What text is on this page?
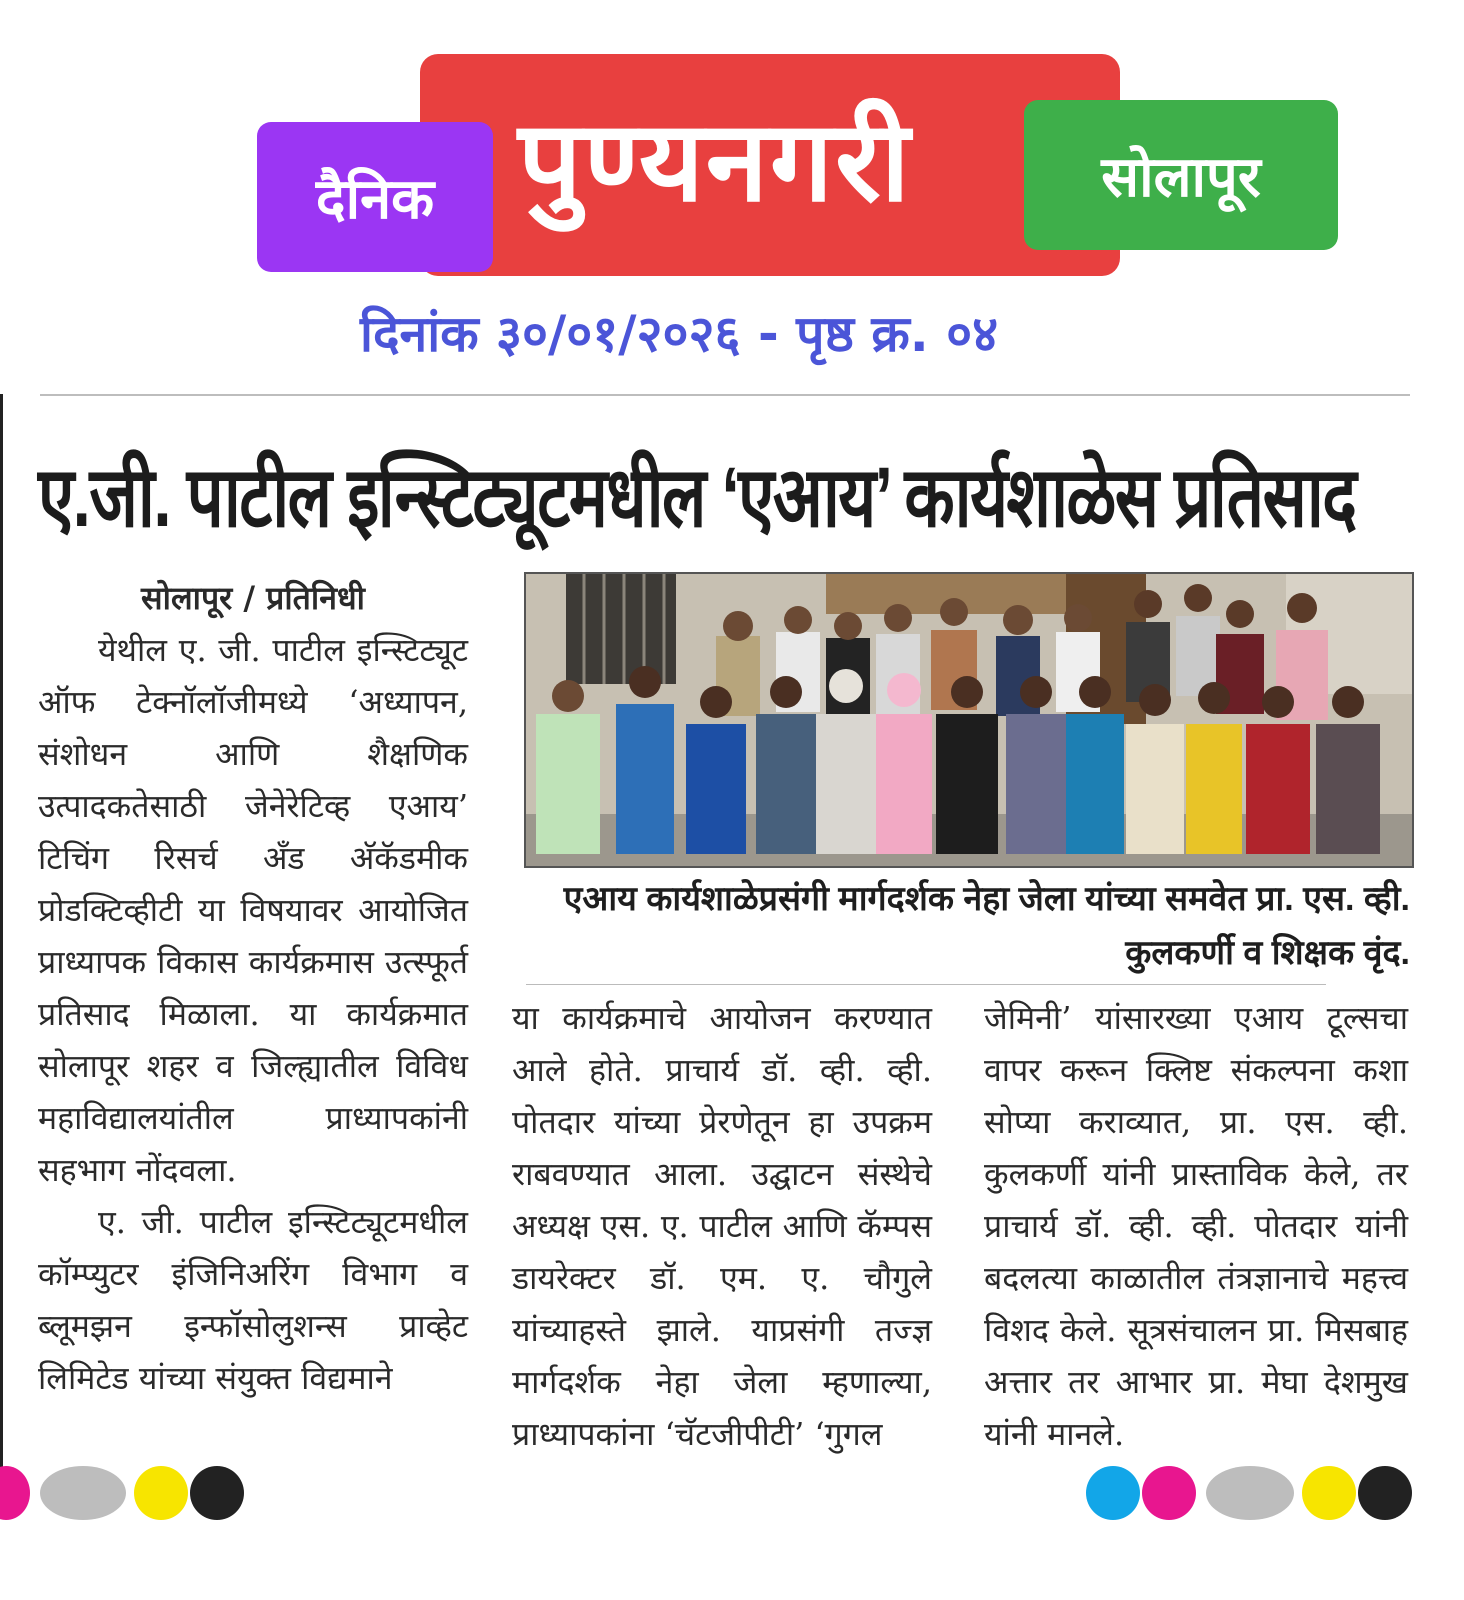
पुण्यनगरी
दैनिक	सोलापूर
दिनांक ३०/०१/२०२६ - पृष्ठ क्र. ०४
ए.जी. पाटील इन्स्टिट्यूटमधील ‘एआय’ कार्यशाळेस प्रतिसाद

सोलापूर / प्रतिनिधी

येथील ए. जी. पाटील इन्स्टिट्यूट ऑफ टेक्नॉलॉजीमध्ये ‘अध्यापन, संशोधन आणि शैक्षणिक उत्पादकतेसाठी जेनेरेटिव्ह एआय’ टिचिंग रिसर्च अँड अ‍ॅकॅडमीक प्रोडक्टिव्हीटी या विषयावर आयोजित प्राध्यापक विकास कार्यक्रमास उत्स्फूर्त प्रतिसाद मिळाला. या कार्यक्रमात सोलापूर शहर व जिल्ह्यातील विविध महाविद्यालयांतील प्राध्यापकांनी सहभाग नोंदवला.

ए. जी. पाटील इन्स्टिट्यूटमधील कॉम्प्युटर इंजिनिअरिंग विभाग व ब्लूमझन इन्फॉसोलुशन्स प्राव्हेट लिमिटेड यांच्या संयुक्त विद्यमाने

एआय कार्यशाळेप्रसंगी मार्गदर्शक नेहा जेला यांच्या समवेत प्रा. एस. व्ही. कुलकर्णी व शिक्षक वृंद.

या कार्यक्रमाचे आयोजन करण्यात आले होते. प्राचार्य डॉ. व्ही. व्ही. पोतदार यांच्या प्रेरणेतून हा उपक्रम राबवण्यात आला. उद्घाटन संस्थेचे अध्यक्ष एस. ए. पाटील आणि कॅम्पस डायरेक्टर डॉ. एम. ए. चौगुले यांच्याहस्ते झाले. याप्रसंगी तज्ज्ञ मार्गदर्शक नेहा जेला म्हणाल्या, प्राध्यापकांना ‘चॅटजीपीटी’ ‘गुगल

जेमिनी’ यांसारख्या एआय टूल्सचा वापर करून क्लिष्ट संकल्पना कशा सोप्या कराव्यात, प्रा. एस. व्ही. कुलकर्णी यांनी प्रास्ताविक केले, तर प्राचार्य डॉ. व्ही. व्ही. पोतदार यांनी बदलत्या काळातील तंत्रज्ञानाचे महत्त्व विशद केले. सूत्रसंचालन प्रा. मिसबाह अत्तार तर आभार प्रा. मेघा देशमुख यांनी मानले.
